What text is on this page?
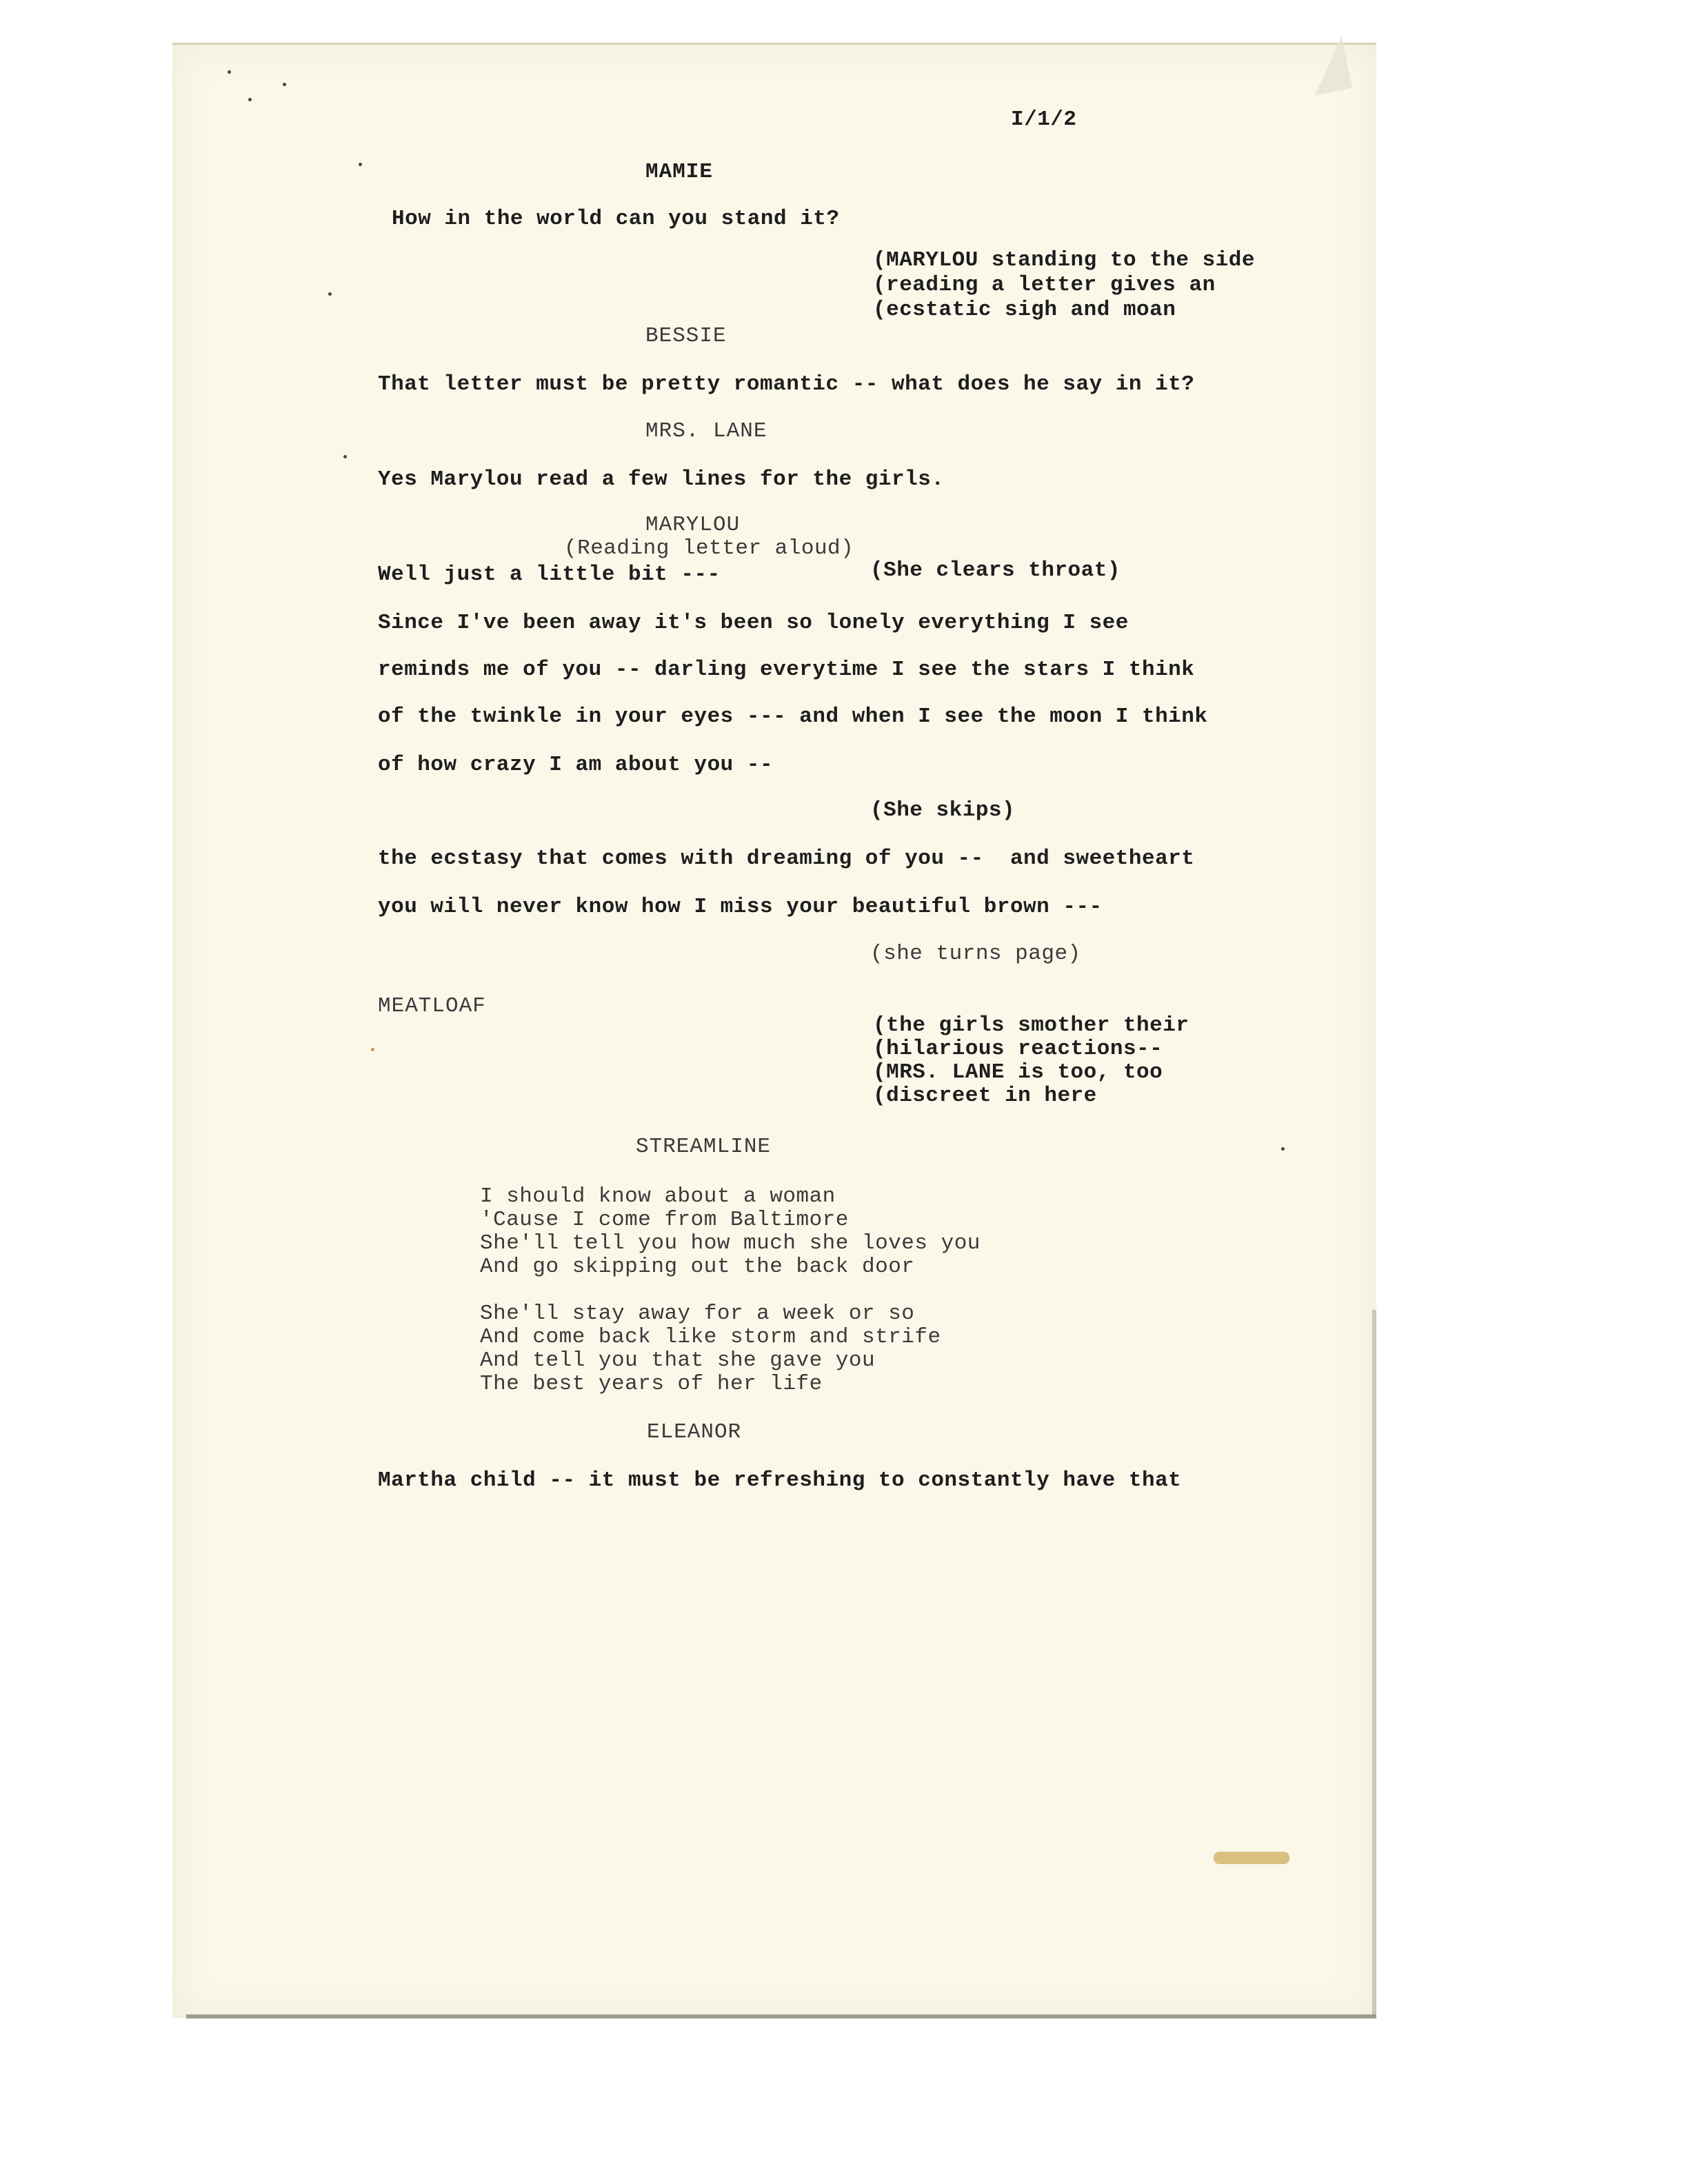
I/1/2
MAMIE
How in the world can you stand it?
(MARYLOU standing to the side
(reading a letter gives an
(ecstatic sigh and moan
BESSIE
That letter must be pretty romantic -- what does he say in it?
MRS. LANE
Yes Marylou read a few lines for the girls.
MARYLOU
(Reading letter aloud)
Well just a little bit ---	(She clears throat)
Since I've been away it's been so lonely everything I see
reminds me of you -- darling everytime I see the stars I think
of the twinkle in your eyes --- and when I see the moon I think
of how crazy I am about you --
(She skips)
the ecstasy that comes with dreaming of you --  and sweetheart
you will never know how I miss your beautiful brown ---
(she turns page)
MEATLOAF
(the girls smother their
(hilarious reactions--
(MRS. LANE is too, too
(discreet in here
STREAMLINE
I should know about a woman
'Cause I come from Baltimore
She'll tell you how much she loves you
And go skipping out the back door
She'll stay away for a week or so
And come back like storm and strife
And tell you that she gave you
The best years of her life
ELEANOR
Martha child -- it must be refreshing to constantly have that
